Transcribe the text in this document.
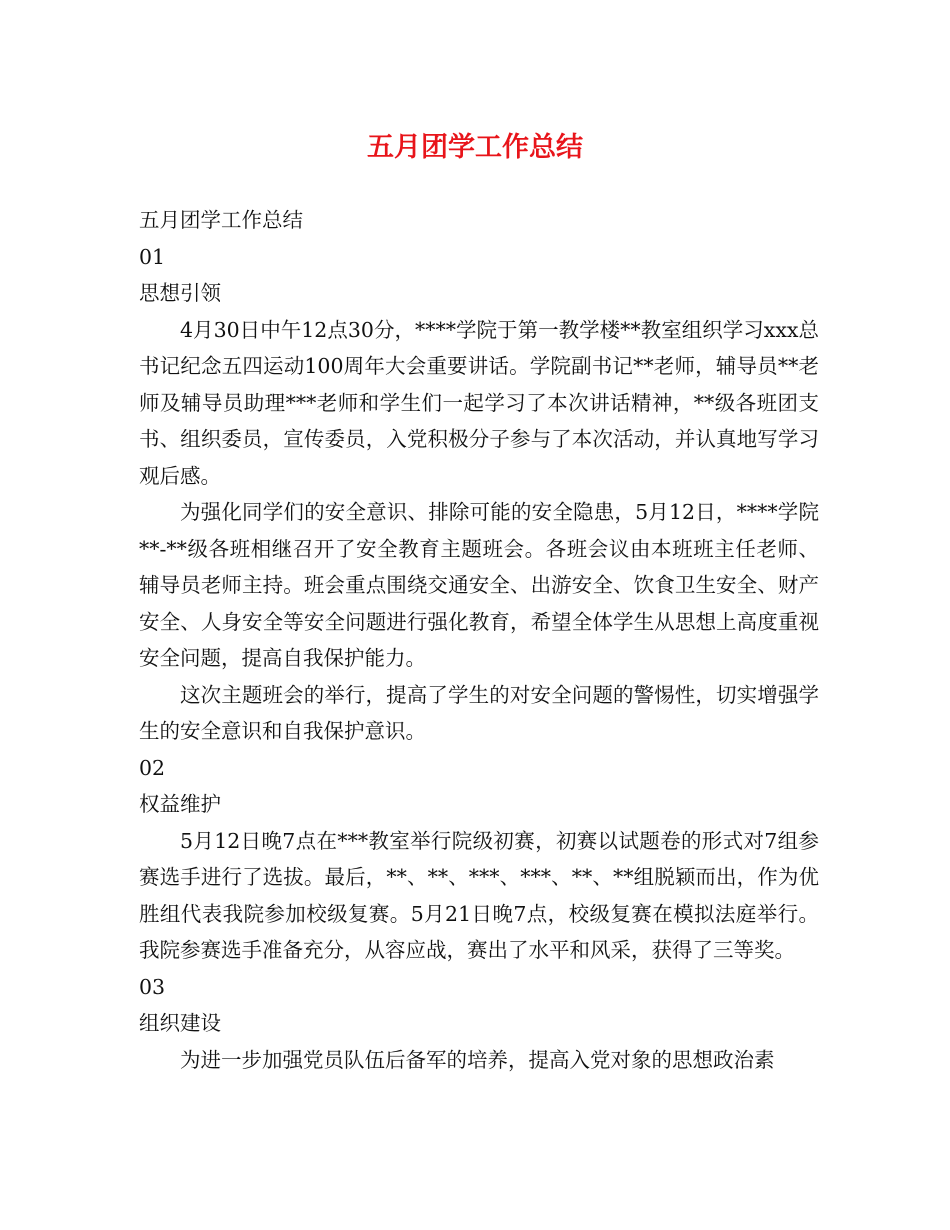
五月团学工作总结

五月团学工作总结

01

思想引领

4月30日中午12点30分，****学院于第一教学楼**教室组织学习xxx总书记纪念五四运动100周年大会重要讲话。学院副书记**老师，辅导员**老师及辅导员助理***老师和学生们一起学习了本次讲话精神，**级各班团支书、组织委员，宣传委员，入党积极分子参与了本次活动，并认真地写学习观后感。

为强化同学们的安全意识、排除可能的安全隐患，5月12日，****学院**-**级各班相继召开了安全教育主题班会。各班会议由本班班主任老师、辅导员老师主持。班会重点围绕交通安全、出游安全、饮食卫生安全、财产安全、人身安全等安全问题进行强化教育，希望全体学生从思想上高度重视安全问题，提高自我保护能力。

这次主题班会的举行，提高了学生的对安全问题的警惕性，切实增强学生的安全意识和自我保护意识。

02

权益维护

5月12日晚7点在***教室举行院级初赛，初赛以试题卷的形式对7组参赛选手进行了选拔。最后，**、**、***、***、**、**组脱颖而出，作为优胜组代表我院参加校级复赛。5月21日晚7点，校级复赛在模拟法庭举行。我院参赛选手准备充分，从容应战，赛出了水平和风采，获得了三等奖。

03

组织建设

为进一步加强党员队伍后备军的培养，提高入党对象的思想政治素
